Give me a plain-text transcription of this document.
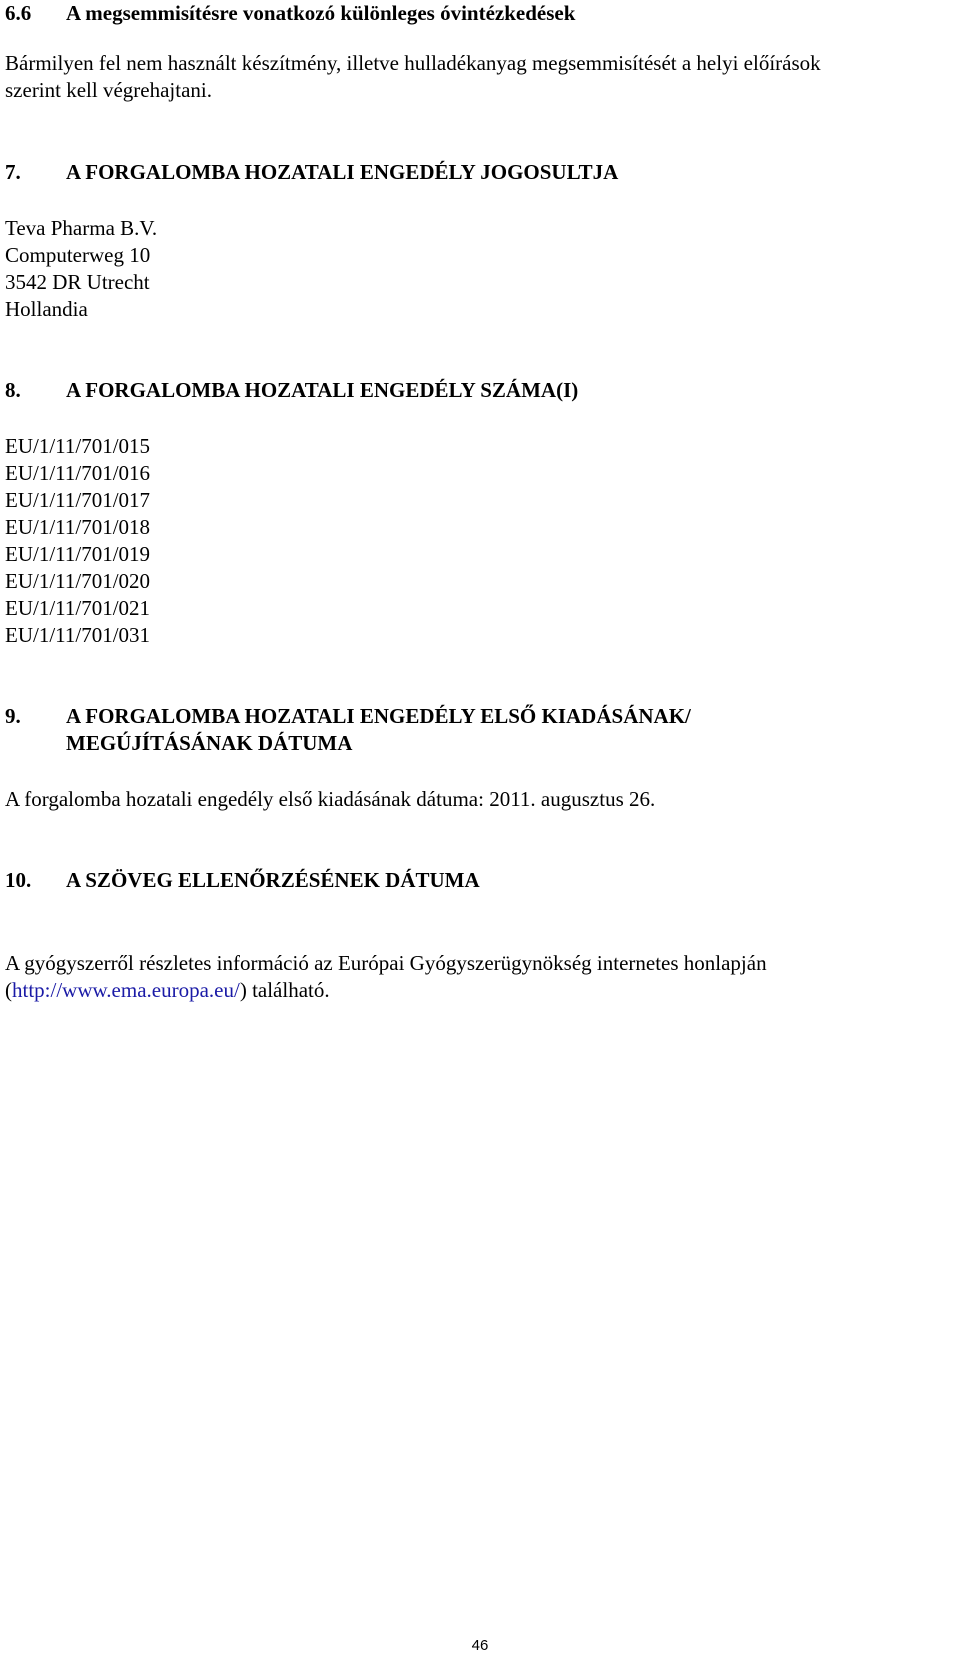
6.6	A megsemmisítésre vonatkozó különleges óvintézkedések

Bármilyen fel nem használt készítmény, illetve hulladékanyag megsemmisítését a helyi előírások

szerint kell végrehajtani.

7.	A FORGALOMBA HOZATALI ENGEDÉLY JOGOSULTJA

Teva Pharma B.V.

Computerweg 10

3542 DR Utrecht

Hollandia

8.	A FORGALOMBA HOZATALI ENGEDÉLY SZÁMA(I)

EU/1/11/701/015

EU/1/11/701/016

EU/1/11/701/017

EU/1/11/701/018

EU/1/11/701/019

EU/1/11/701/020

EU/1/11/701/021

EU/1/11/701/031

9.	A FORGALOMBA HOZATALI ENGEDÉLY ELSŐ KIADÁSÁNAK/
MEGÚJÍTÁSÁNAK DÁTUMA

A forgalomba hozatali engedély első kiadásának dátuma: 2011. augusztus 26.

10.	A SZÖVEG ELLENŐRZÉSÉNEK DÁTUMA

A gyógyszerről részletes információ az Európai Gyógyszerügynökség internetes honlapján

(http://www.ema.europa.eu/) található.

46
